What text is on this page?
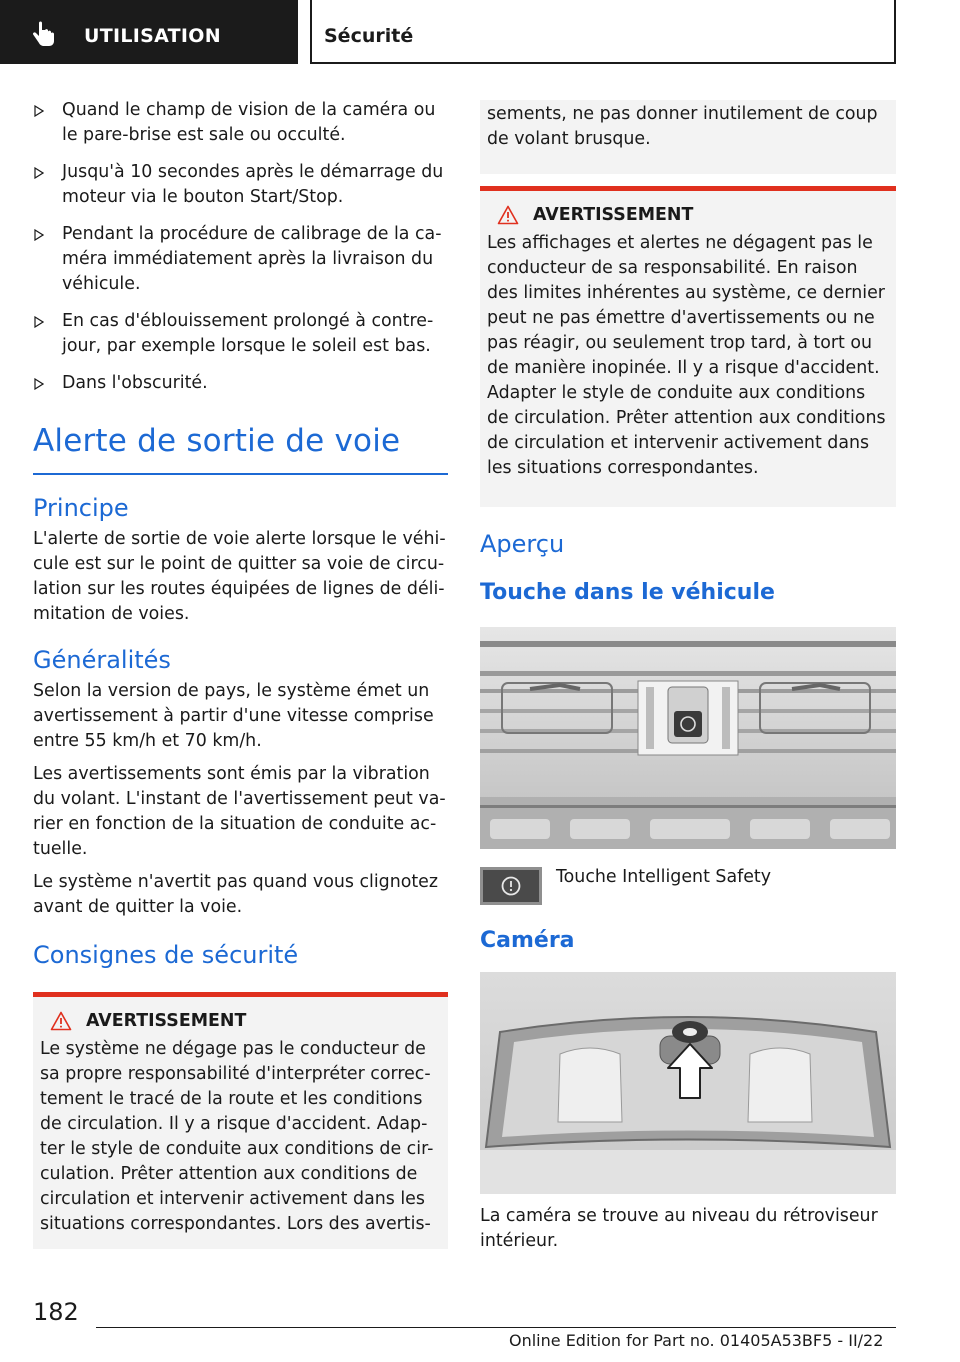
UTILISATION	Sécurité
Quand le champ de vision de la caméra ou le pare-brise est sale ou occulté.
Jusqu'à 10 secondes après le démarrage du moteur via le bouton Start/Stop.
Pendant la procédure de calibrage de la ca-méra immédiatement après la livraison du véhicule.
En cas d'éblouissement prolongé à contre-jour, par exemple lorsque le soleil est bas.
Dans l'obscurité.
Alerte de sortie de voie
Principe

L'alerte de sortie de voie alerte lorsque le véhi-cule est sur le point de quitter sa voie de circu-lation sur les routes équipées de lignes de déli-mitation de voies.

Généralités

Selon la version de pays, le système émet un avertissement à partir d'une vitesse comprise entre 55 km/h et 70 km/h.

Les avertissements sont émis par la vibration du volant. L'instant de l'avertissement peut va-rier en fonction de la situation de conduite ac-tuelle.

Le système n'avertit pas quand vous clignotez avant de quitter la voie.

Consignes de sécurité
AVERTISSEMENT

Le système ne dégage pas le conducteur de sa propre responsabilité d'interpréter correc-tement le tracé de la route et les conditions de circulation. Il y a risque d'accident. Adap-ter le style de conduite aux conditions de cir-culation. Prêter attention aux conditions de circulation et intervenir activement dans les situations correspondantes. Lors des avertis-

sements, ne pas donner inutilement de coup de volant brusque.

AVERTISSEMENT

Les affichages et alertes ne dégagent pas le conducteur de sa responsabilité. En raison des limites inhérentes au système, ce dernier peut ne pas émettre d'avertissements ou ne pas réagir, ou seulement trop tard, à tort ou de manière inopinée. Il y a risque d'accident. Adapter le style de conduite aux conditions de circulation. Prêter attention aux conditions de circulation et intervenir activement dans les situations correspondantes.

Aperçu
Touche dans le véhicule
Touche Intelligent Safety
Caméra

La caméra se trouve au niveau du rétroviseur intérieur.

182
Online Edition for Part no. 01405A53BF5 - II/22
